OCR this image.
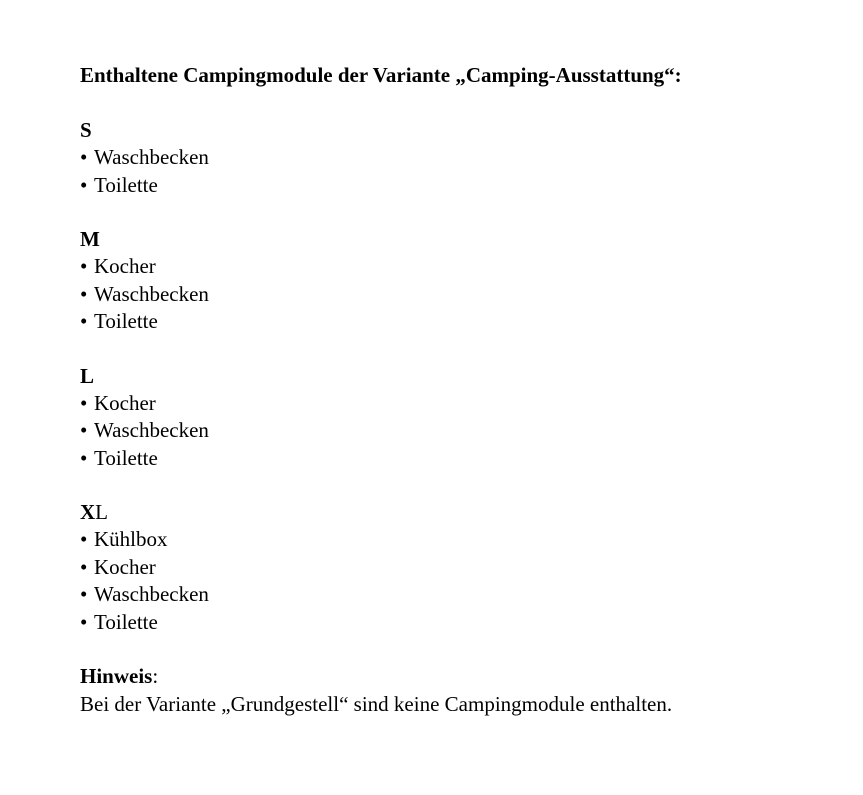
Enthaltene Campingmodule der Variante „Camping-Ausstattung“:

S

• Waschbecken
• Toilette

M

• Kocher
• Waschbecken
• Toilette

L

• Kocher
• Waschbecken
• Toilette

XL

• Kühlbox
• Kocher
• Waschbecken
• Toilette

Hinweis:

Bei der Variante „Grundgestell“ sind keine Campingmodule enthalten.
